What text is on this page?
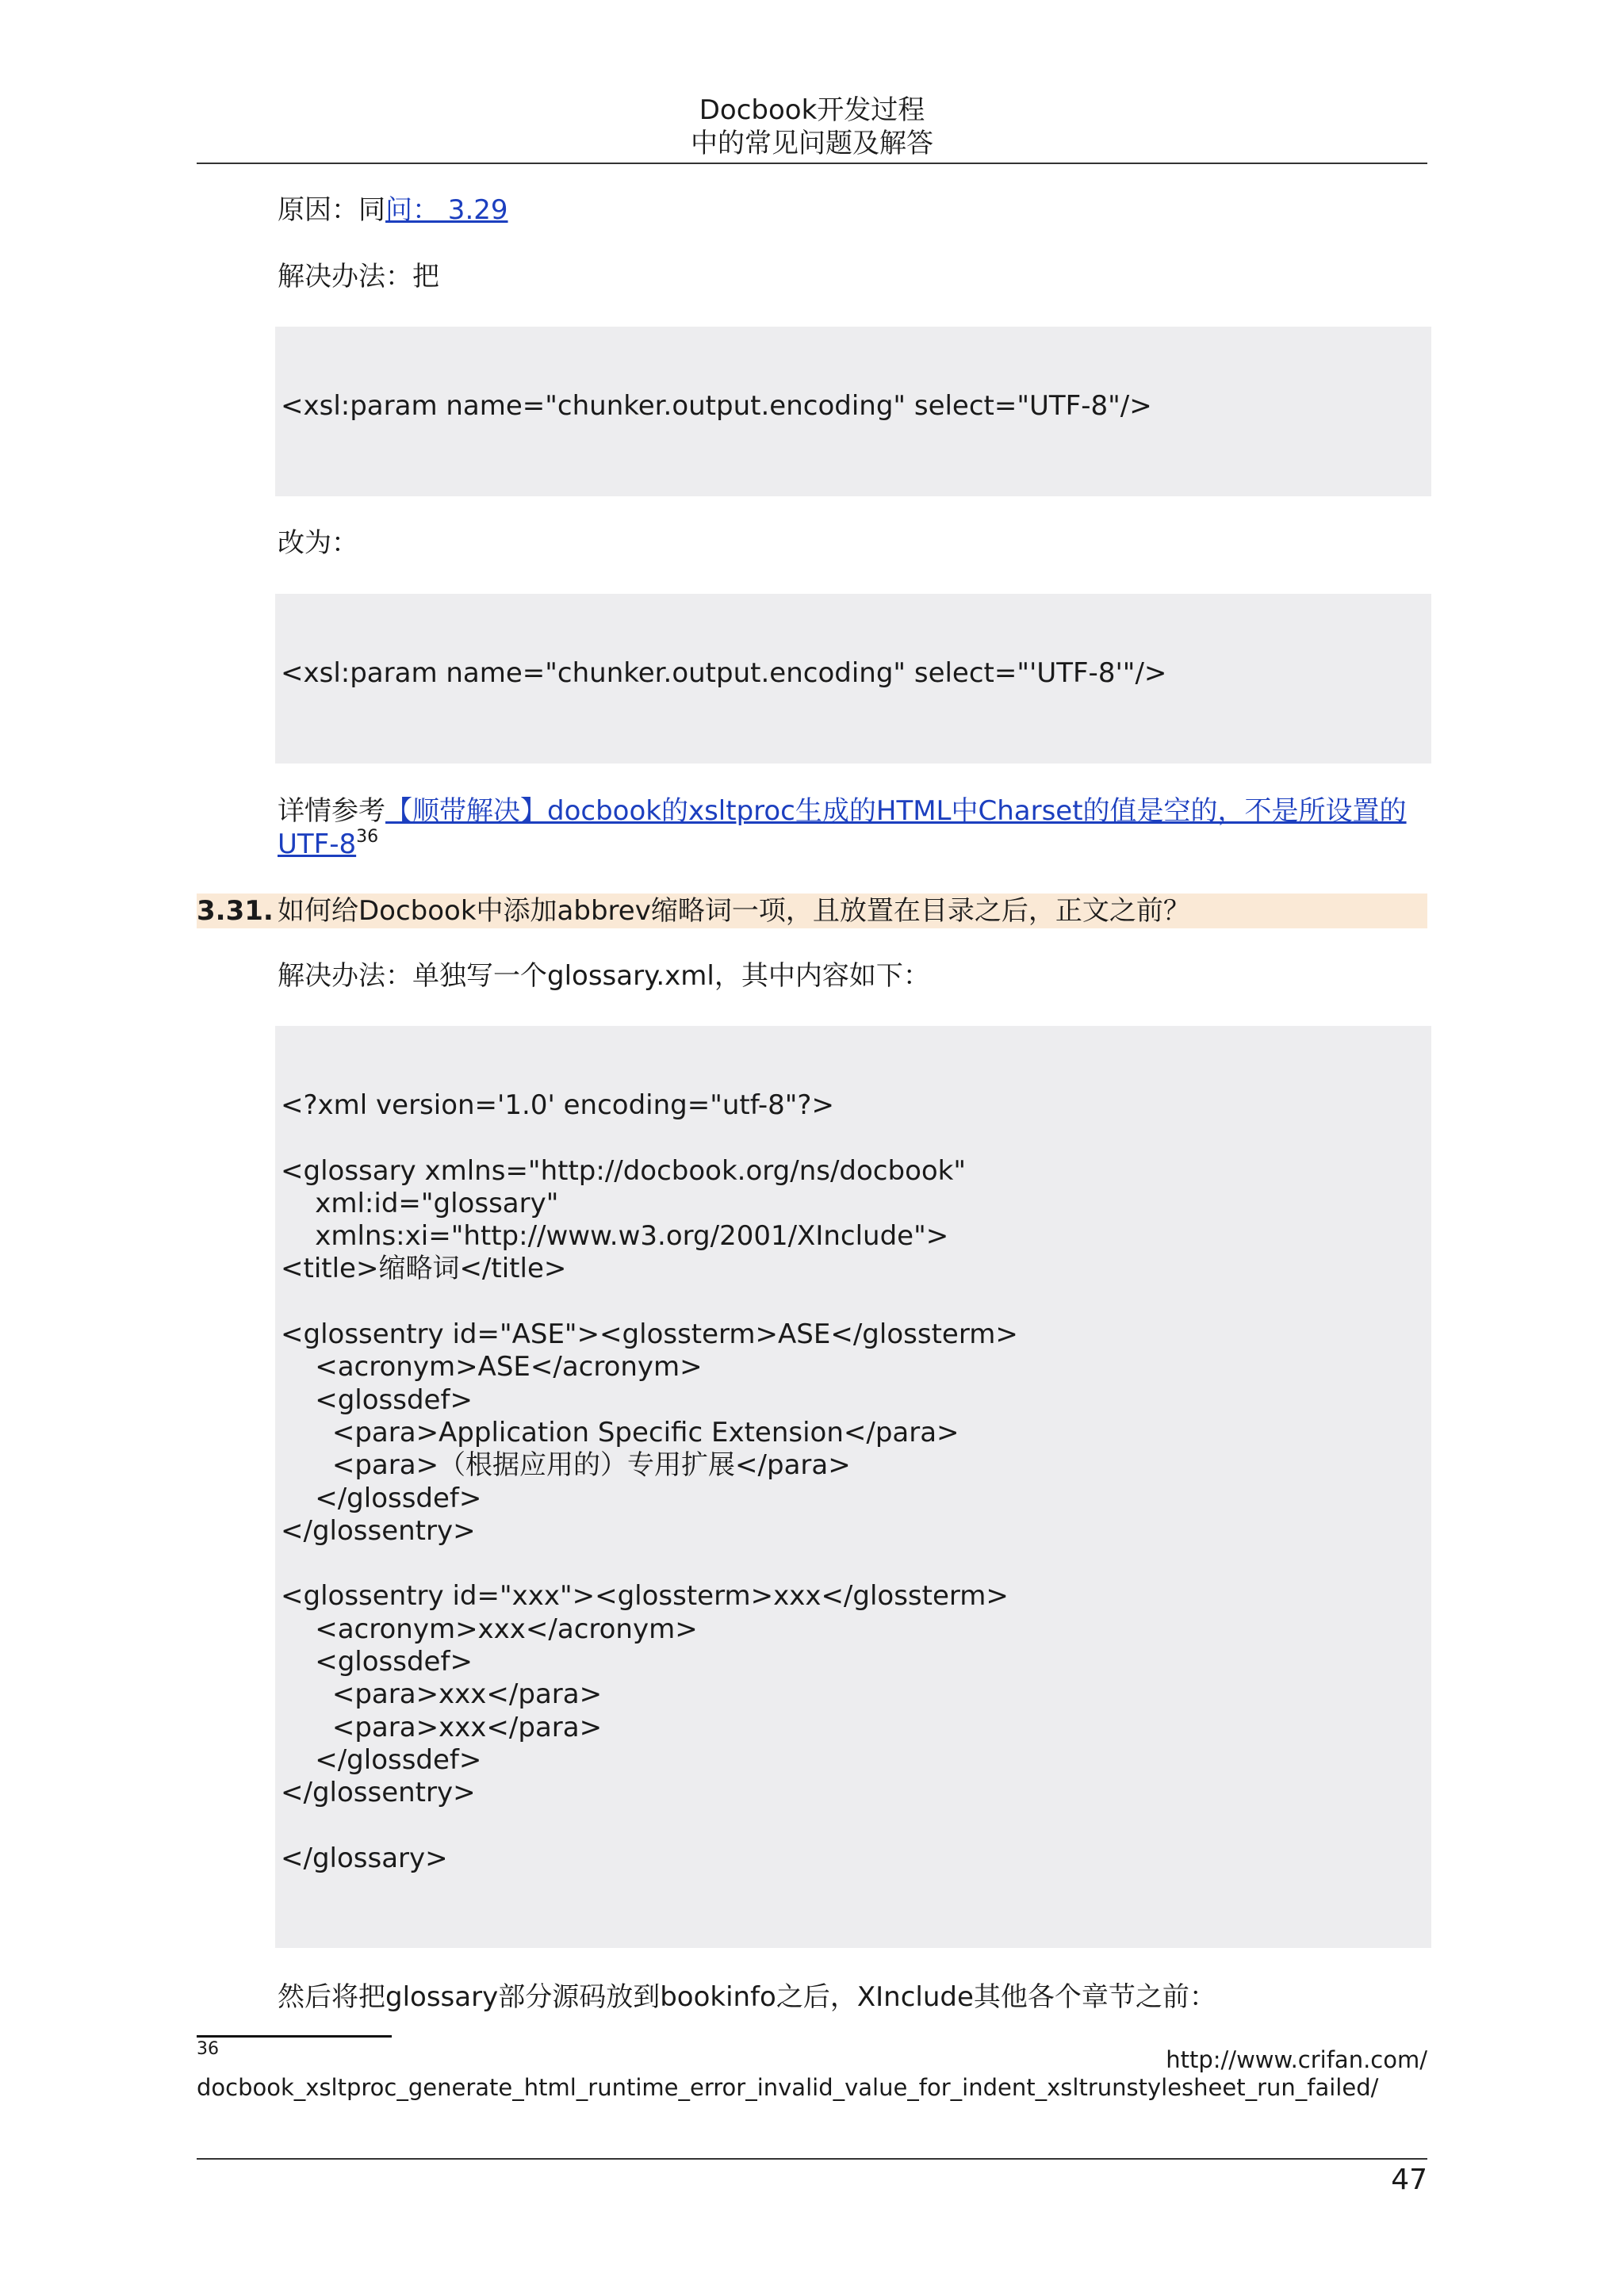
Docbook开发过程
中的常见问题及解答
原因：同问： 3.29
解决办法：把
<xsl:param name="chunker.output.encoding" select="UTF-8"/>
改为：
<xsl:param name="chunker.output.encoding" select="'UTF-8'"/>
详情参考【顺带解决】docbook的xsltproc生成的HTML中Charset的值是空的，不是所设置的
UTF-$8^{36}$
3.31. 如何给Docbook中添加abbrev缩略词一项，且放置在目录之后，正文之前？
解决办法：单独写一个glossary.xml，其中内容如下：
<?xml version='1.0' encoding="utf-8"?>
<glossary xmlns="http://docbook.org/ns/docbook"
xml:id="glossary"
xmlns:xi="http://www.w3.org/2001/XInclude">
<title>缩略词</title>
<glossentry id="ASE"><glossterm>ASE</glossterm>
<acronym>ASE</acronym>
<glossdef>
<para>Application Specific Extension</para>
<para>（根据应用的）专用扩展</para>
</glossdef>
</glossentry>
<glossentry id="xxx"><glossterm>xxx</glossterm>
<acronym>xxx</acronym>
<glossdef>
<para>xxx</para>
<para>xxx</para>
</glossdef>
</glossentry>
</glossary>
然后将把glossary部分源码放到bookinfo之后，XInclude其他各个章节之前：
36	http://www.crifan.com/
docbook_xsltproc_generate_html_runtime_error_invalid_value_for_indent_xsltrunstylesheet_run_failed/
47
